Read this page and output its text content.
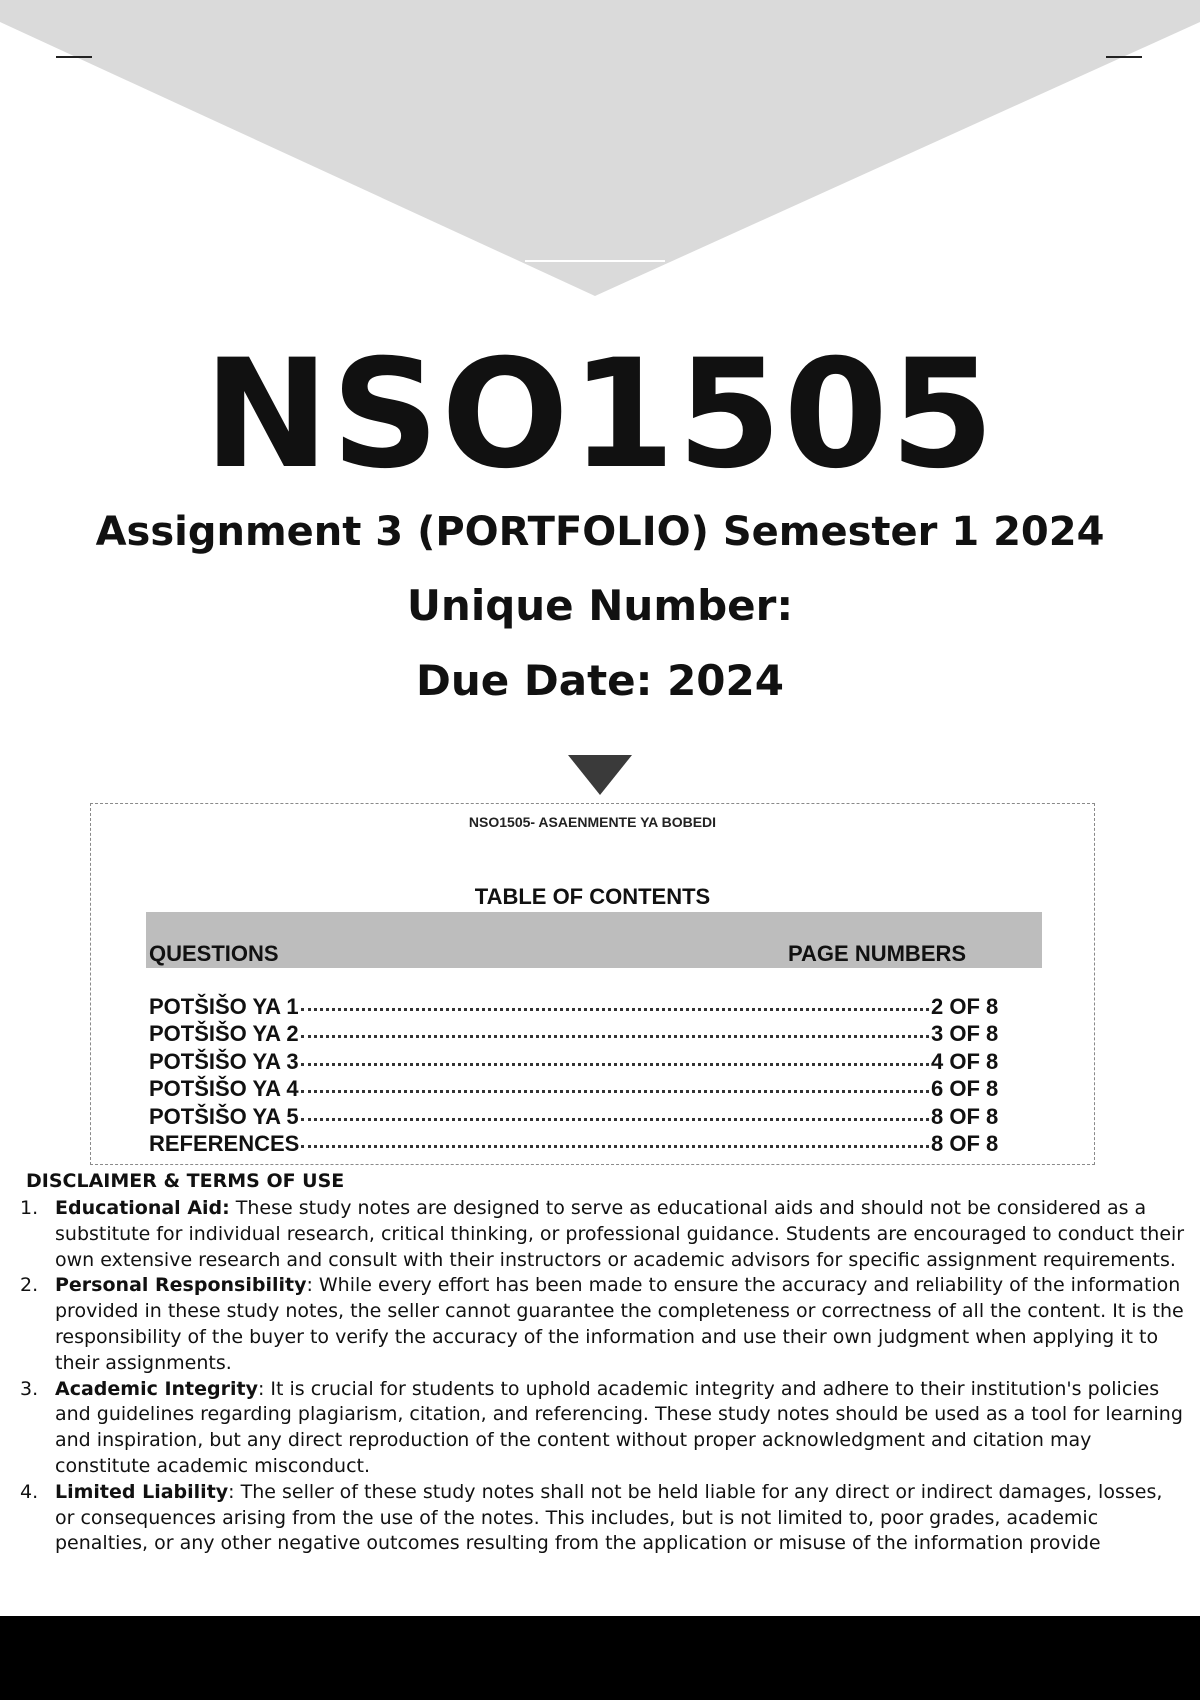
NSO1505
Assignment 3 (PORTFOLIO) Semester 1 2024
Unique Number:
Due Date: 2024
NSO1505- ASAENMENTE YA BOBEDI
TABLE OF CONTENTS
QUESTIONS	PAGE NUMBERS
POTŠIŠO YA 1	2 OF 8
POTŠIŠO YA 2	3 OF 8
POTŠIŠO YA 3	4 OF 8
POTŠIŠO YA 4	6 OF 8
POTŠIŠO YA 5	8 OF 8
REFERENCES	8 OF 8
DISCLAIMER & TERMS OF USE
1. Educational Aid: These study notes are designed to serve as educational aids and should not be considered as a substitute for individual research, critical thinking, or professional guidance. Students are encouraged to conduct their own extensive research and consult with their instructors or academic advisors for specific assignment requirements.
2. Personal Responsibility: While every effort has been made to ensure the accuracy and reliability of the information provided in these study notes, the seller cannot guarantee the completeness or correctness of all the content. It is the responsibility of the buyer to verify the accuracy of the information and use their own judgment when applying it to their assignments.
3. Academic Integrity: It is crucial for students to uphold academic integrity and adhere to their institution's policies and guidelines regarding plagiarism, citation, and referencing. These study notes should be used as a tool for learning and inspiration, but any direct reproduction of the content without proper acknowledgment and citation may constitute academic misconduct.
4. Limited Liability: The seller of these study notes shall not be held liable for any direct or indirect damages, losses, or consequences arising from the use of the notes. This includes, but is not limited to, poor grades, academic penalties, or any other negative outcomes resulting from the application or misuse of the information provide
